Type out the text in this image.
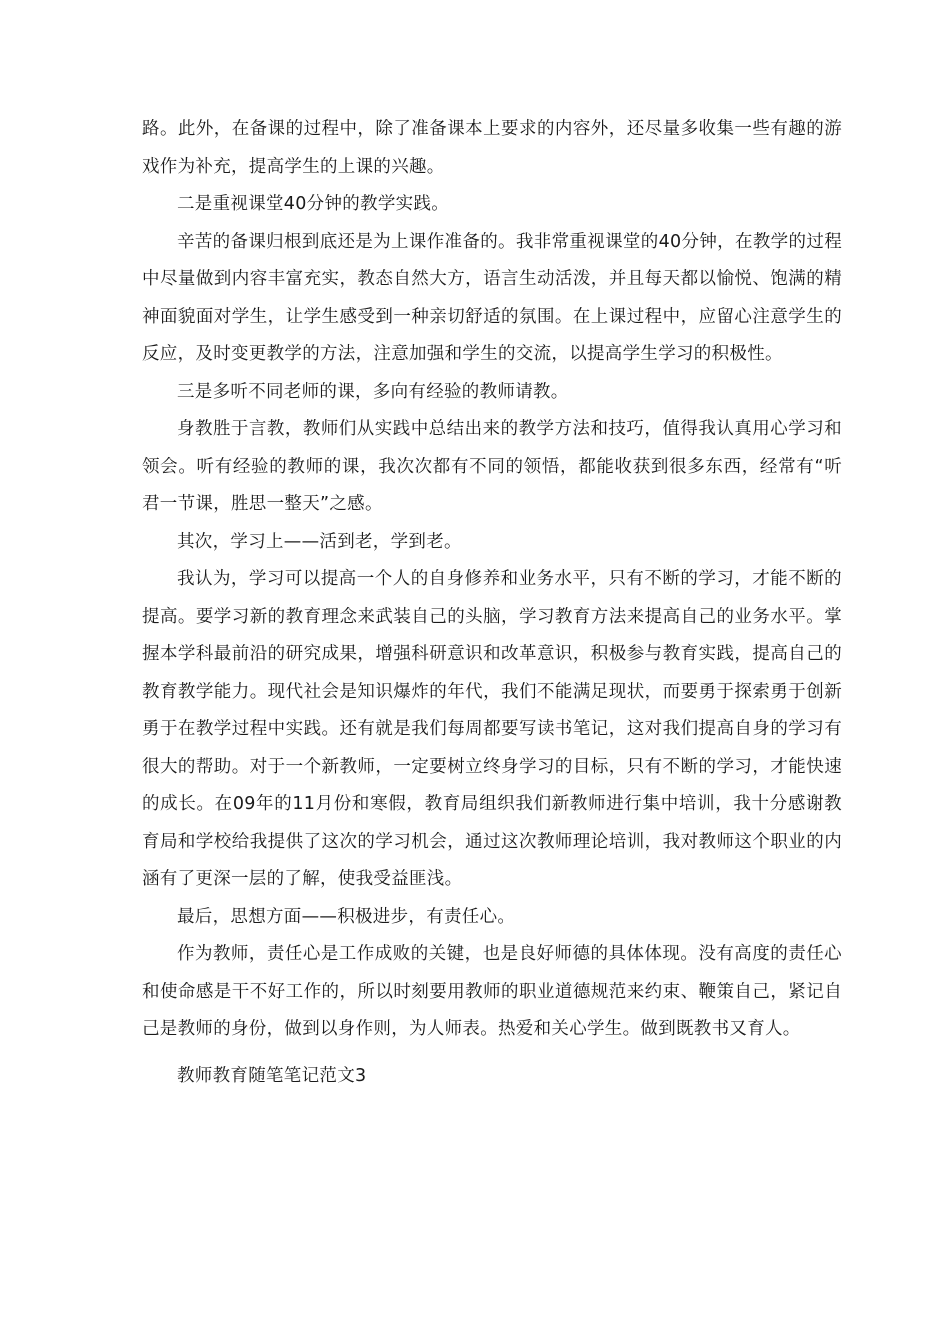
路。此外，在备课的过程中，除了准备课本上要求的内容外，还尽量多收集一些有趣的游戏作为补充，提高学生的上课的兴趣。

二是重视课堂40分钟的教学实践。

辛苦的备课归根到底还是为上课作准备的。我非常重视课堂的40分钟，在教学的过程中尽量做到内容丰富充实，教态自然大方，语言生动活泼，并且每天都以愉悦、饱满的精神面貌面对学生，让学生感受到一种亲切舒适的氛围。在上课过程中，应留心注意学生的反应，及时变更教学的方法，注意加强和学生的交流，以提高学生学习的积极性。

三是多听不同老师的课，多向有经验的教师请教。

身教胜于言教，教师们从实践中总结出来的教学方法和技巧，值得我认真用心学习和领会。听有经验的教师的课，我次次都有不同的领悟，都能收获到很多东西，经常有“听君一节课，胜思一整天”之感。

其次，学习上——活到老，学到老。

我认为，学习可以提高一个人的自身修养和业务水平，只有不断的学习，才能不断的提高。要学习新的教育理念来武装自己的头脑，学习教育方法来提高自己的业务水平。掌握本学科最前沿的研究成果，增强科研意识和改革意识，积极参与教育实践，提高自己的教育教学能力。现代社会是知识爆炸的年代，我们不能满足现状，而要勇于探索勇于创新勇于在教学过程中实践。还有就是我们每周都要写读书笔记，这对我们提高自身的学习有很大的帮助。对于一个新教师，一定要树立终身学习的目标，只有不断的学习，才能快速的成长。在09年的11月份和寒假，教育局组织我们新教师进行集中培训，我十分感谢教育局和学校给我提供了这次的学习机会，通过这次教师理论培训，我对教师这个职业的内涵有了更深一层的了解，使我受益匪浅。

最后，思想方面——积极进步，有责任心。

作为教师，责任心是工作成败的关键，也是良好师德的具体体现。没有高度的责任心和使命感是干不好工作的，所以时刻要用教师的职业道德规范来约束、鞭策自己，紧记自己是教师的身份，做到以身作则，为人师表。热爱和关心学生。做到既教书又育人。

教师教育随笔笔记范文3
